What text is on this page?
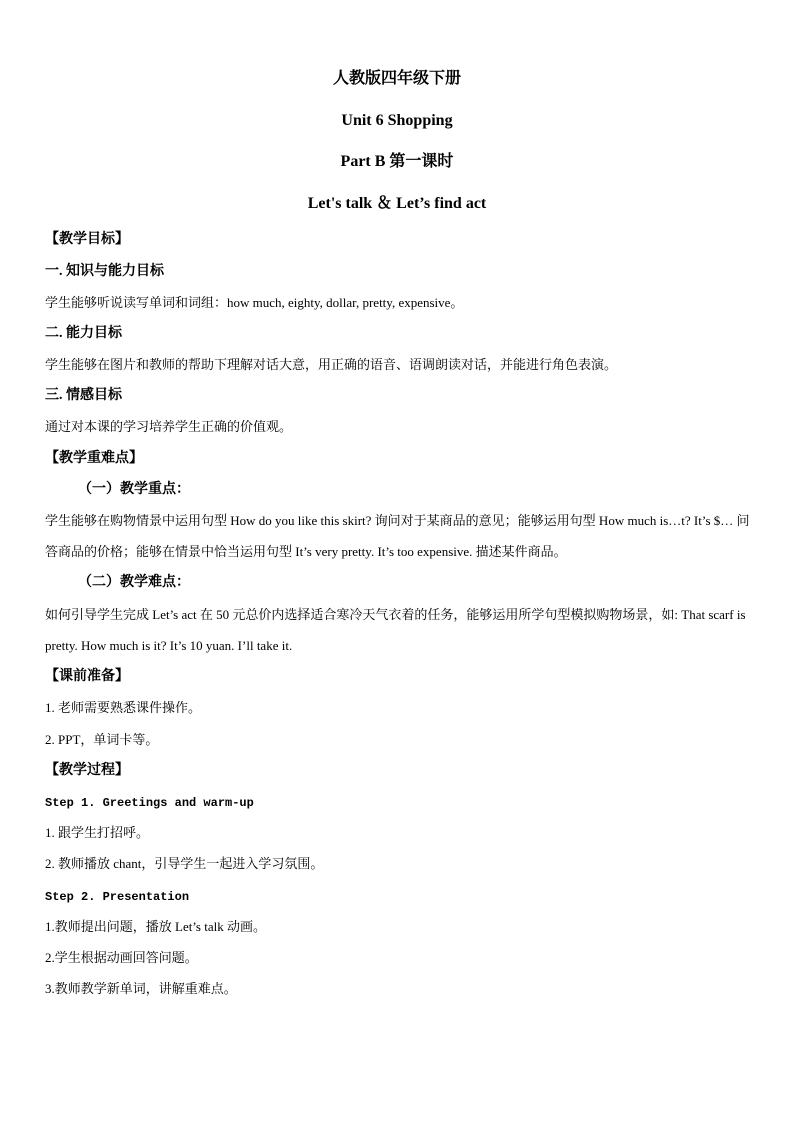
人教版四年级下册
Unit 6 Shopping
Part B 第一课时
Let's talk ＆ Let’s find act
【教学目标】
一. 知识与能力目标
学生能够听说读写单词和词组：how much, eighty, dollar, pretty, expensive。
二. 能力目标
学生能够在图片和教师的帮助下理解对话大意，用正确的语音、语调朗读对话，并能进行角色表演。
三. 情感目标
通过对本课的学习培养学生正确的价值观。
【教学重难点】
（一）教学重点：
学生能够在购物情景中运用句型 How do you like this skirt? 询问对于某商品的意见；能够运用句型 How much is…t? It’s $… 问答商品的价格；能够在情景中恰当运用句型 It’s very pretty. It’s too expensive. 描述某件商品。
（二）教学难点：
如何引导学生完成 Let’s act 在 50 元总价内选择适合寒冷天气衣着的任务，能够运用所学句型模拟购物场景，如: That scarf is pretty. How much is it? It’s 10 yuan. I’ll take it.
【课前准备】
1. 老师需要熟悉课件操作。
2. PPT，单词卡等。
【教学过程】
Step 1. Greetings and warm-up
1. 跟学生打招呼。
2. 教师播放 chant，引导学生一起进入学习氛围。
Step 2. Presentation
1.教师提出问题，播放 Let’s talk 动画。
2.学生根据动画回答问题。
3.教师教学新单词，讲解重难点。
